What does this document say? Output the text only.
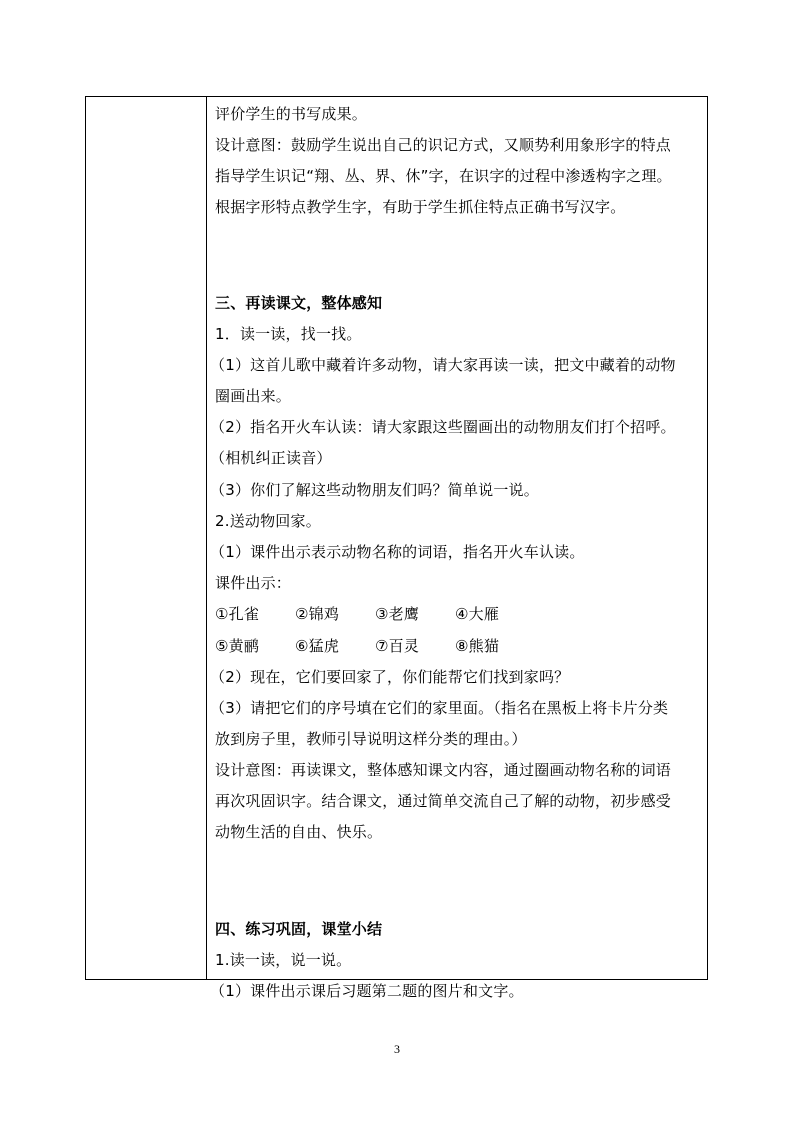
评价学生的书写成果。
设计意图：鼓励学生说出自己的识记方式，又顺势利用象形字的特点
指导学生识记“翔、丛、界、休”字，在识字的过程中渗透构字之理。
根据字形特点教学生字，有助于学生抓住特点正确书写汉字。
三、再读课文，整体感知
1．读一读，找一找。
（1）这首儿歌中藏着许多动物，请大家再读一读，把文中藏着的动物
圈画出来。
（2）指名开火车认读：请大家跟这些圈画出的动物朋友们打个招呼。
（相机纠正读音）
（3）你们了解这些动物朋友们吗？简单说一说。
2.送动物回家。
（1）课件出示表示动物名称的词语，指名开火车认读。
课件出示：
①孔雀 ②锦鸡 ③老鹰 ④大雁
⑤黄鹂 ⑥猛虎 ⑦百灵 ⑧熊猫
（2）现在，它们要回家了，你们能帮它们找到家吗？
（3）请把它们的序号填在它们的家里面。（指名在黑板上将卡片分类
放到房子里，教师引导说明这样分类的理由。）
设计意图：再读课文，整体感知课文内容，通过圈画动物名称的词语
再次巩固识字。结合课文，通过简单交流自己了解的动物，初步感受
动物生活的自由、快乐。
四、练习巩固，课堂小结
1.读一读，说一说。
（1）课件出示课后习题第二题的图片和文字。
3
